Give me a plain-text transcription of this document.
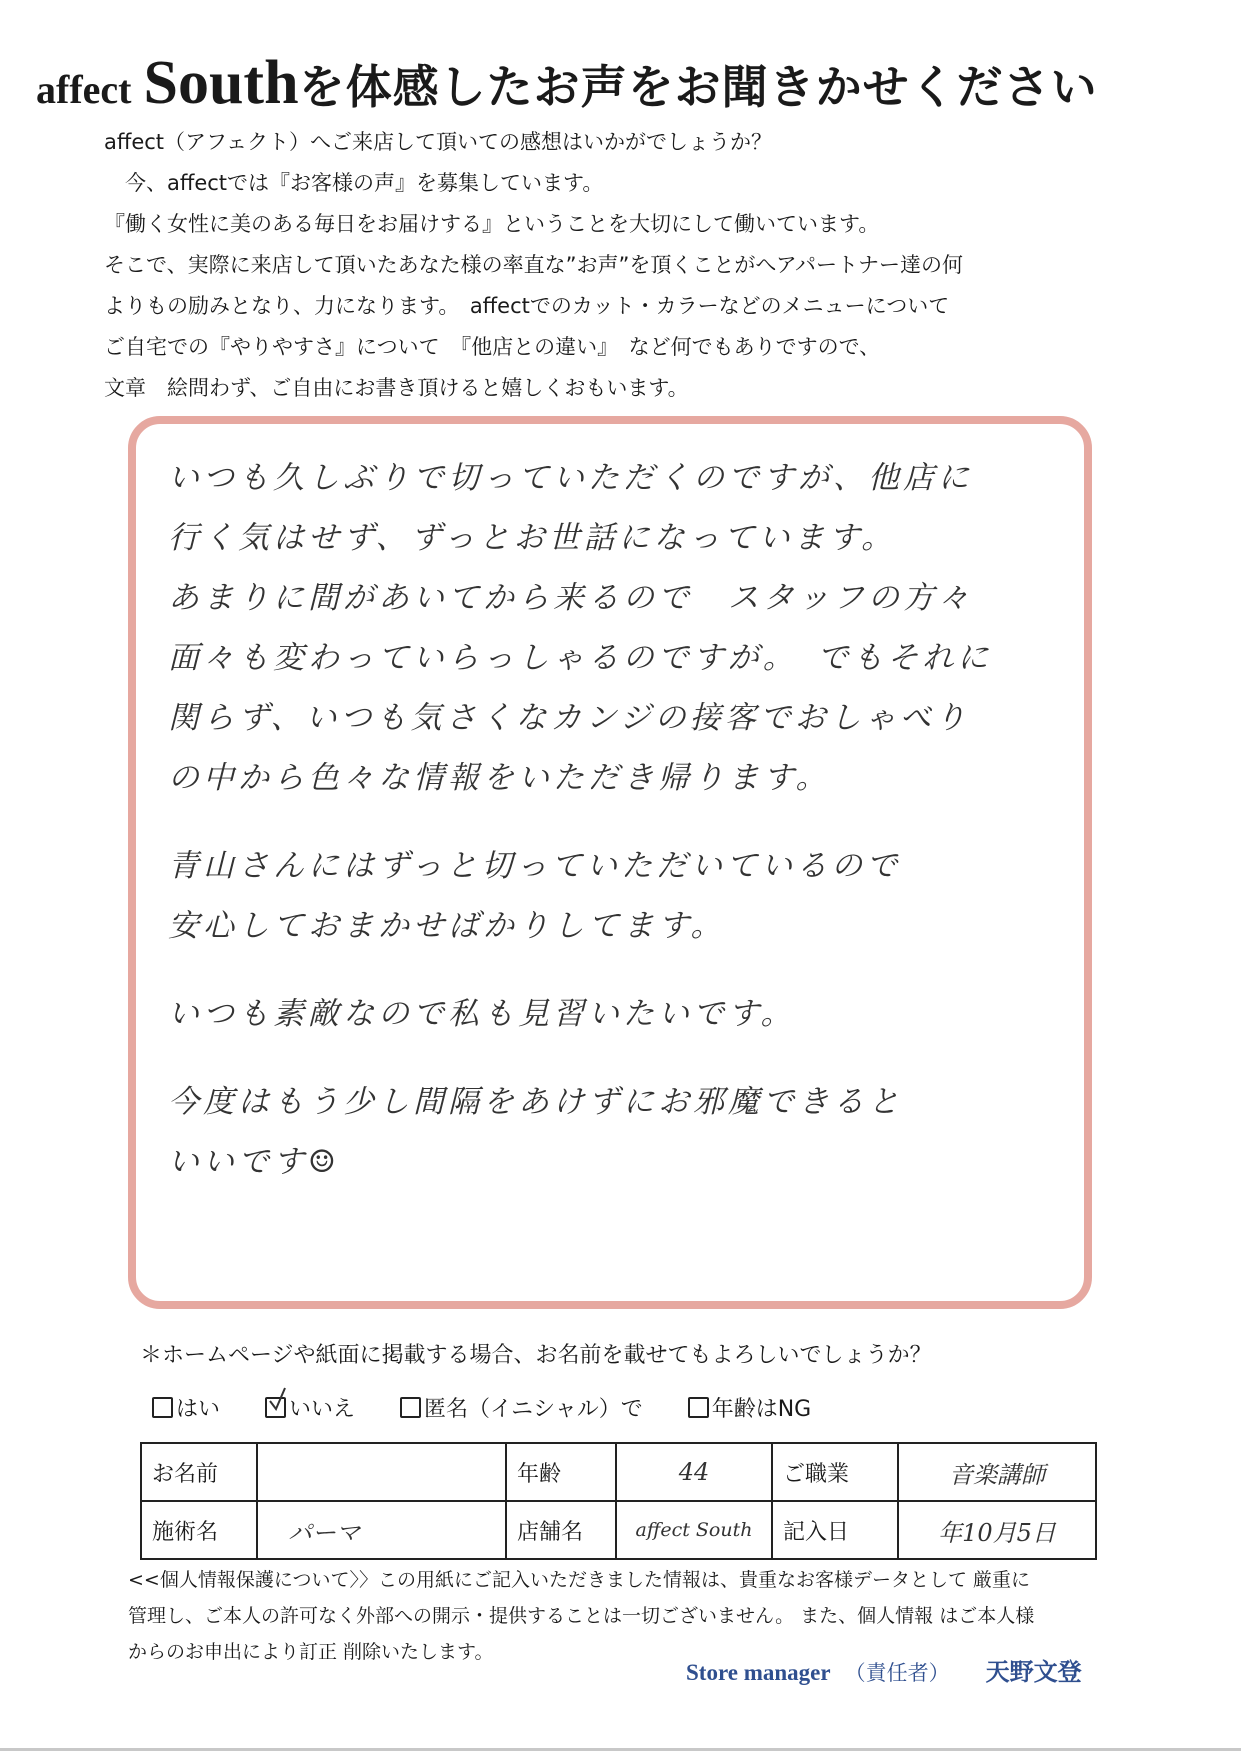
affect Southを体感したお声をお聞きかせください
affect（アフェクト）へご来店して頂いての感想はいかがでしょうか？
　今、affectでは『お客様の声』を募集しています。
『働く女性に美のある毎日をお届けする』ということを大切にして働いています。
そこで、実際に来店して頂いたあなた様の率直な”お声”を頂くことがへアパートナー達の何
よりもの励みとなり、力になります。　affectでのカット・カラーなどのメニューについて
ご自宅での『やりやすさ』について　『他店との違い』　など何でもありですので、
文章　絵問わず、ご自由にお書き頂けると嬉しくおもいます。
いつも久しぶりで切っていただくのですが、他店に
行く気はせず、ずっとお世話になっています。
あまりに間があいてから来るので　スタッフの方々
面々も変わっていらっしゃるのですが。　でもそれに
関らず、いつも気さくなカンジの接客でおしゃべり
の中から色々な情報をいただき帰ります。
青山さんにはずっと切っていただいているので
安心しておまかせばかりしてます。
いつも素敵なので私も見習いたいです。
今度はもう少し間隔をあけずにお邪魔できると
いいです☺
＊ホームページや紙面に掲載する場合、お名前を載せてもよろしいでしょうか？
はい	いいえ	匿名（イニシャル）で	年齢はNG
お名前		年齢	44	ご職業	音楽講師
施術名	パーマ	店舗名	affect South	記入日	年10月5日
<<個人情報保護について〉〉この用紙にご記入いただきました情報は、貴重なお客様データとして 厳重に
管理し、ご本人の許可なく外部への開示・提供することは一切ございません。 また、個人情報 はご本人様
からのお申出により訂正 削除いたします。
Store manager （責任者） 天野文登
